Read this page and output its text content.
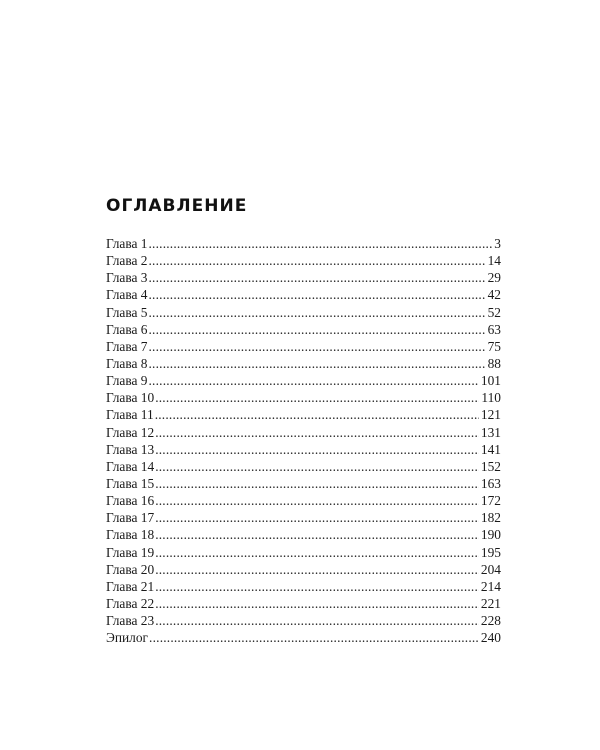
ОГЛАВЛЕНИЕ
Глава 1 .....	3
Глава 2 .....	14
Глава 3 .....	29
Глава 4 .....	42
Глава 5 .....	52
Глава 6 .....	63
Глава 7 .....	75
Глава 8 .....	88
Глава 9 .....	101
Глава 10 .....	110
Глава 11 .....	121
Глава 12 .....	131
Глава 13 .....	141
Глава 14 .....	152
Глава 15 .....	163
Глава 16 .....	172
Глава 17 .....	182
Глава 18 .....	190
Глава 19 .....	195
Глава 20 .....	204
Глава 21 .....	214
Глава 22 .....	221
Глава 23 .....	228
Эпилог .....	240
